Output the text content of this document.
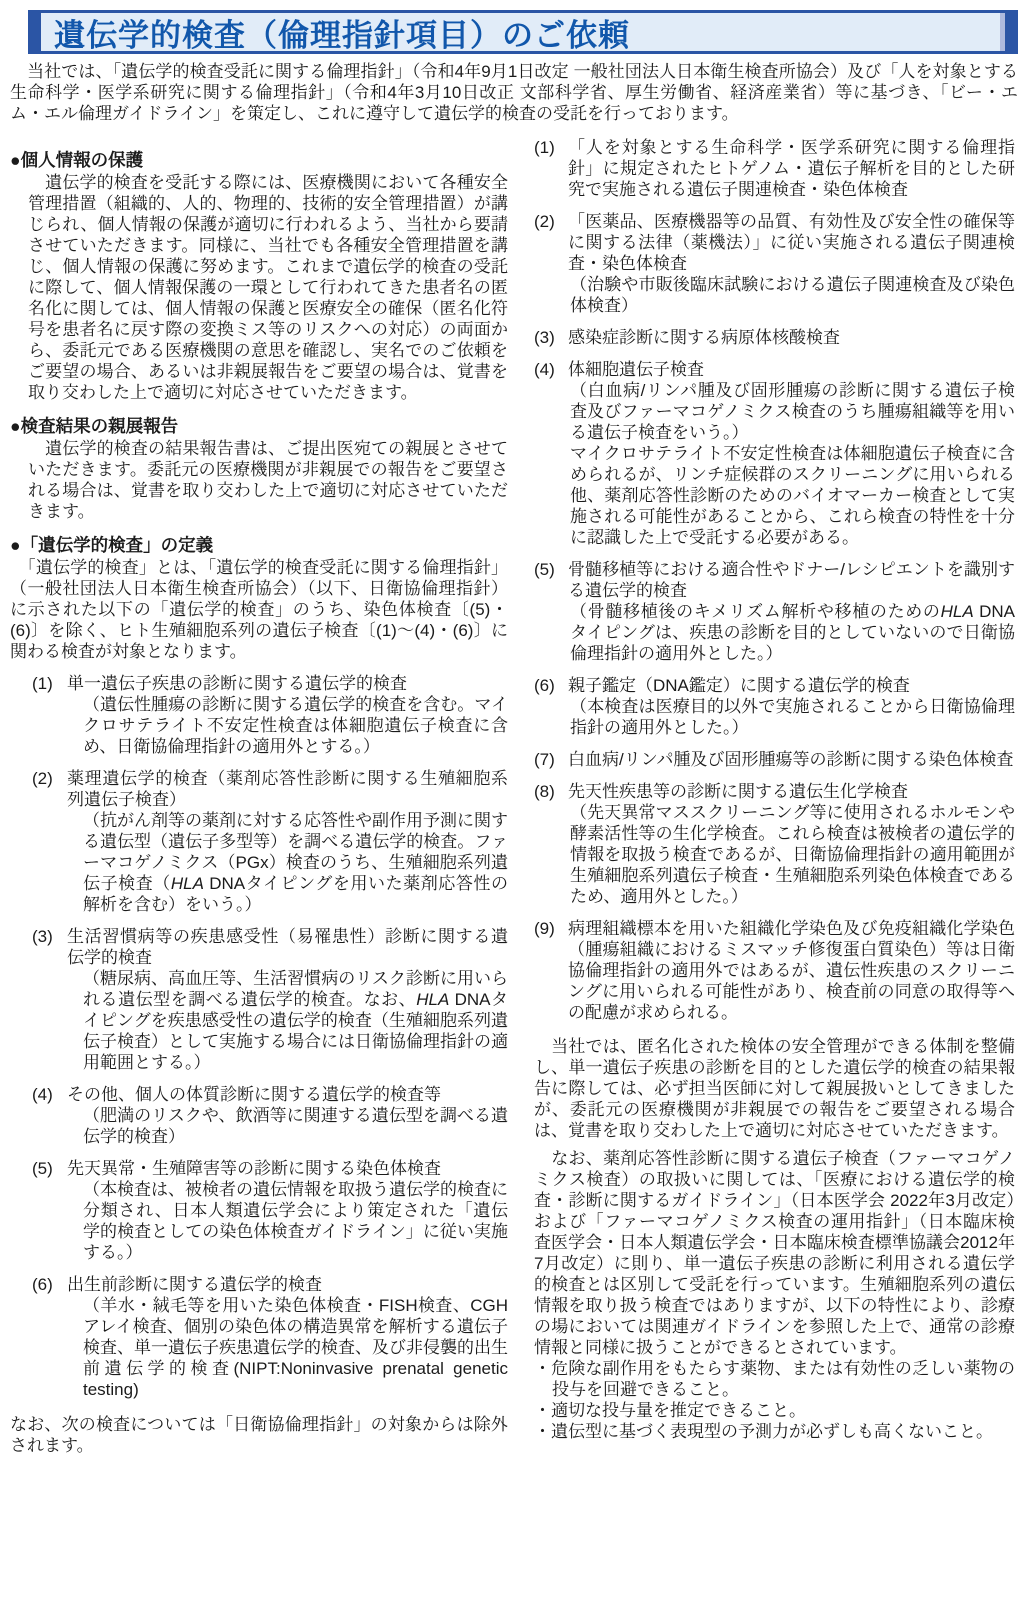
遺伝学的検査（倫理指針項目）のご依頼

　当社では、「遺伝学的検査受託に関する倫理指針」（令和4年9月1日改定 一般社団法人日本衛生検査所協会）及び「人を対象とする生命科学・医学系研究に関する倫理指針」（令和4年3月10日改正 文部科学省、厚生労働省、経済産業省）等に基づき、「ビー・エム・エル倫理ガイドライン」を策定し、これに遵守して遺伝学的検査の受託を行っております。

●個人情報の保護

　遺伝学的検査を受託する際には、医療機関において各種安全管理措置（組織的、人的、物理的、技術的安全管理措置）が講じられ、個人情報の保護が適切に行われるよう、当社から要請させていただきます。同様に、当社でも各種安全管理措置を講じ、個人情報の保護に努めます。これまで遺伝学的検査の受託に際して、個人情報保護の一環として行われてきた患者名の匿名化に関しては、個人情報の保護と医療安全の確保（匿名化符号を患者名に戻す際の変換ミス等のリスクへの対応）の両面から、委託元である医療機関の意思を確認し、実名でのご依頼をご要望の場合、あるいは非親展報告をご要望の場合は、覚書を取り交わした上で適切に対応させていただきます。

●検査結果の親展報告

　遺伝学的検査の結果報告書は、ご提出医宛ての親展とさせていただきます。委託元の医療機関が非親展での報告をご要望される場合は、覚書を取り交わした上で適切に対応させていただきます。

●「遺伝学的検査」の定義

　「遺伝学的検査」とは、「遺伝学的検査受託に関する倫理指針」（一般社団法人日本衛生検査所協会）（以下、日衛協倫理指針）に示された以下の「遺伝学的検査」のうち、染色体検査〔(5)・(6)〕を除く、ヒト生殖細胞系列の遺伝子検査〔(1)～(4)・(6)〕に関わる検査が対象となります。

(1) 単一遺伝子疾患の診断に関する遺伝学的検査

（遺伝性腫瘍の診断に関する遺伝学的検査を含む。マイクロサテライト不安定性検査は体細胞遺伝子検査に含め、日衛協倫理指針の適用外とする。）

(2) 薬理遺伝学的検査（薬剤応答性診断に関する生殖細胞系列遺伝子検査）

（抗がん剤等の薬剤に対する応答性や副作用予測に関する遺伝型（遺伝子多型等）を調べる遺伝学的検査。ファーマコゲノミクス（PGx）検査のうち、生殖細胞系列遺伝子検査（HLA DNAタイピングを用いた薬剤応答性の解析を含む）をいう。）

(3) 生活習慣病等の疾患感受性（易罹患性）診断に関する遺伝学的検査

（糖尿病、高血圧等、生活習慣病のリスク診断に用いられる遺伝型を調べる遺伝学的検査。なお、HLA DNAタイピングを疾患感受性の遺伝学的検査（生殖細胞系列遺伝子検査）として実施する場合には日衛協倫理指針の適用範囲とする。）

(4) その他、個人の体質診断に関する遺伝学的検査等

（肥満のリスクや、飲酒等に関連する遺伝型を調べる遺伝学的検査）

(5) 先天異常・生殖障害等の診断に関する染色体検査

（本検査は、被検者の遺伝情報を取扱う遺伝学的検査に分類され、日本人類遺伝学会により策定された「遺伝学的検査としての染色体検査ガイドライン」に従い実施する。）

(6) 出生前診断に関する遺伝学的検査

（羊水・絨毛等を用いた染色体検査・FISH検査、CGHアレイ検査、個別の染色体の構造異常を解析する遺伝子検査、単一遺伝子疾患遺伝学的検査、及び非侵襲的出生前遺伝学的検査(NIPT:Noninvasive prenatal genetic testing)

なお、次の検査については「日衛協倫理指針」の対象からは除外されます。

(1) 「人を対象とする生命科学・医学系研究に関する倫理指針」に規定されたヒトゲノム・遺伝子解析を目的とした研究で実施される遺伝子関連検査・染色体検査

(2) 「医薬品、医療機器等の品質、有効性及び安全性の確保等に関する法律（薬機法）」に従い実施される遺伝子関連検査・染色体検査

（治験や市販後臨床試験における遺伝子関連検査及び染色体検査）

(3) 感染症診断に関する病原体核酸検査

(4) 体細胞遺伝子検査

（白血病/リンパ腫及び固形腫瘍の診断に関する遺伝子検査及びファーマコゲノミクス検査のうち腫瘍組織等を用いる遺伝子検査をいう。）

マイクロサテライト不安定性検査は体細胞遺伝子検査に含められるが、リンチ症候群のスクリーニングに用いられる他、薬剤応答性診断のためのバイオマーカー検査として実施される可能性があることから、これら検査の特性を十分に認識した上で受託する必要がある。

(5) 骨髄移植等における適合性やドナー/レシピエントを識別する遺伝学的検査

（骨髄移植後のキメリズム解析や移植のためのHLA DNAタイピングは、疾患の診断を目的としていないので日衛協倫理指針の適用外とした。）

(6) 親子鑑定（DNA鑑定）に関する遺伝学的検査

（本検査は医療目的以外で実施されることから日衛協倫理指針の適用外とした。）

(7) 白血病/リンパ腫及び固形腫瘍等の診断に関する染色体検査

(8) 先天性疾患等の診断に関する遺伝生化学検査

（先天異常マススクリーニング等に使用されるホルモンや酵素活性等の生化学検査。これら検査は被検者の遺伝学的情報を取扱う検査であるが、日衛協倫理指針の適用範囲が生殖細胞系列遺伝子検査・生殖細胞系列染色体検査であるため、適用外とした。）

(9) 病理組織標本を用いた組織化学染色及び免疫組織化学染色（腫瘍組織におけるミスマッチ修復蛋白質染色）等は日衛協倫理指針の適用外ではあるが、遺伝性疾患のスクリーニングに用いられる可能性があり、検査前の同意の取得等への配慮が求められる。

　当社では、匿名化された検体の安全管理ができる体制を整備し、単一遺伝子疾患の診断を目的とした遺伝学的検査の結果報告に際しては、必ず担当医師に対して親展扱いとしてきましたが、委託元の医療機関が非親展での報告をご要望される場合は、覚書を取り交わした上で適切に対応させていただきます。

　なお、薬剤応答性診断に関する遺伝子検査（ファーマコゲノミクス検査）の取扱いに関しては、「医療における遺伝学的検査・診断に関するガイドライン」（日本医学会 2022年3月改定）および「ファーマコゲノミクス検査の運用指針」（日本臨床検査医学会・日本人類遺伝学会・日本臨床検査標準協議会2012年7月改定）に則り、単一遺伝子疾患の診断に利用される遺伝学的検査とは区別して受託を行っています。生殖細胞系列の遺伝情報を取り扱う検査ではありますが、以下の特性により、診療の場においては関連ガイドラインを参照した上で、通常の診療情報と同様に扱うことができるとされています。

・危険な副作用をもたらす薬物、または有効性の乏しい薬物の投与を回避できること。

・適切な投与量を推定できること。

・遺伝型に基づく表現型の予測力が必ずしも高くないこと。
